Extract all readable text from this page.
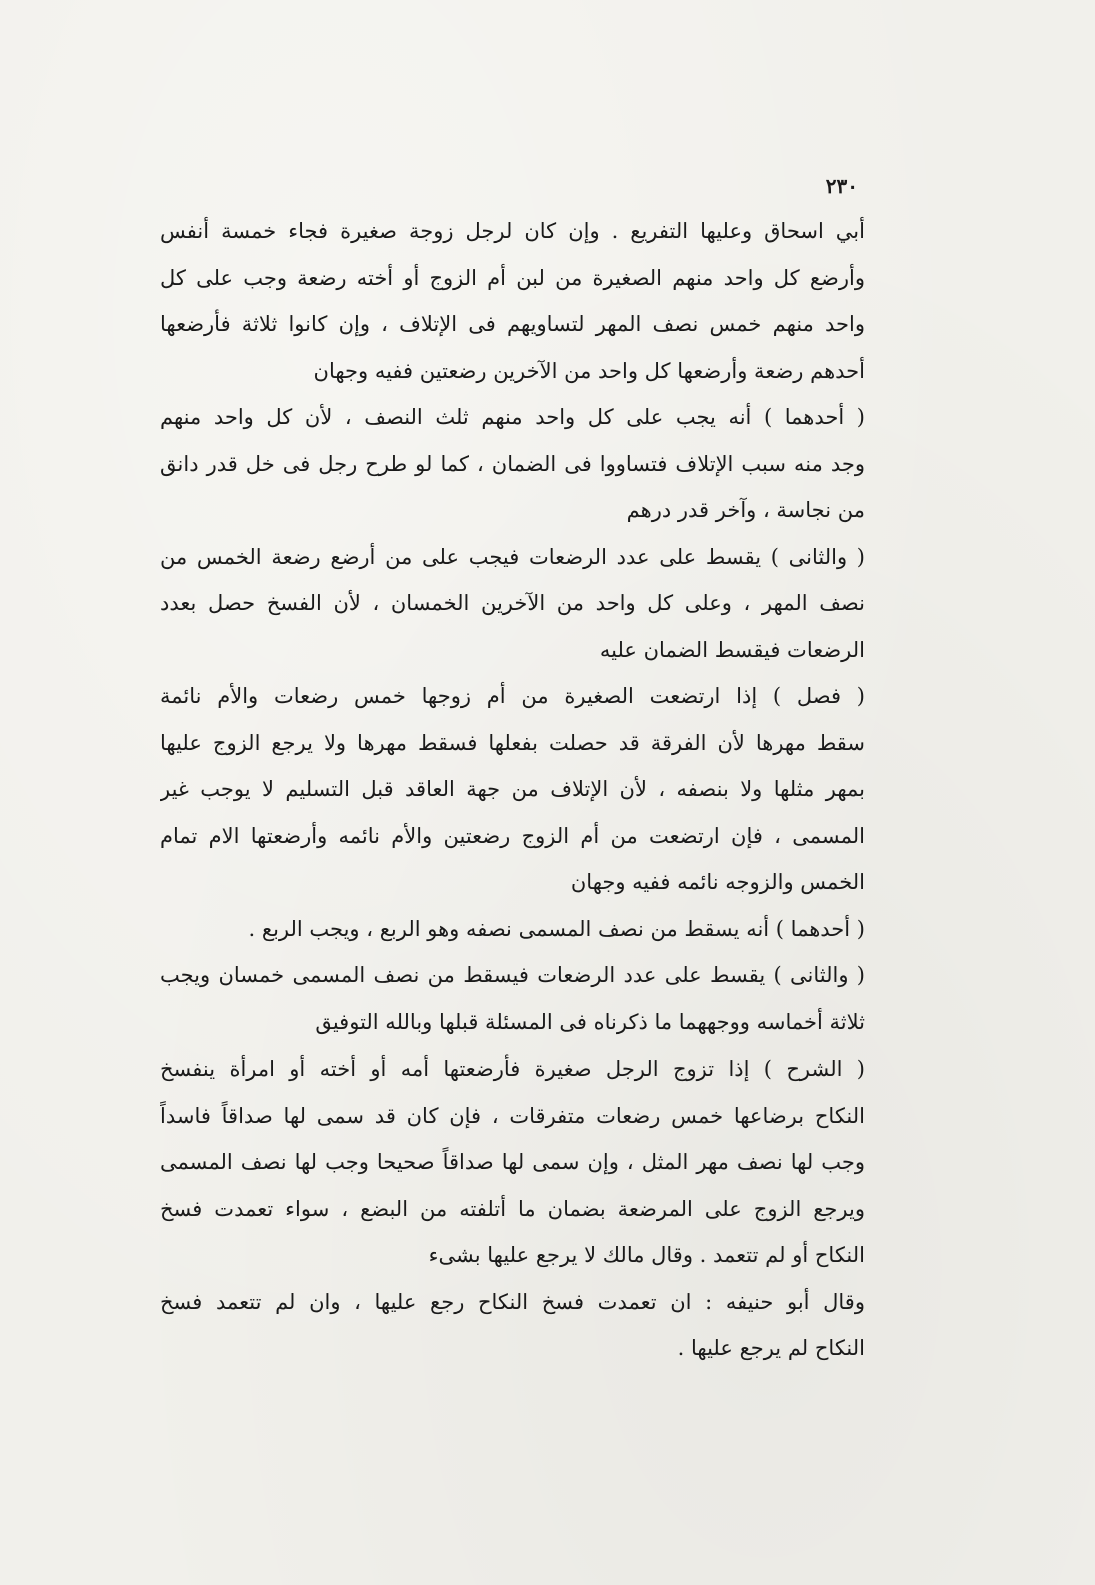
٢٣٠
أبي اسحاق وعليها التفريع . وإن كان لرجل زوجة صغيرة فجاء خمسة أنفس
وأرضع كل واحد منهم الصغيرة من لبن أم الزوج أو أخته رضعة وجب على كل
واحد منهم خمس نصف المهر لتساويهم فى الإتلاف ، وإن كانوا ثلاثة فأرضعها
أحدهم رضعة وأرضعها كل واحد من الآخرين رضعتين ففيه وجهان
( أحدهما ) أنه يجب على كل واحد منهم ثلث النصف ، لأن كل واحد منهم
وجد منه سبب الإتلاف فتساووا فى الضمان ، كما لو طرح رجل فى خل قدر دانق
من نجاسة ، وآخر قدر درهم
( والثانى ) يقسط على عدد الرضعات فيجب على من أرضع رضعة الخمس من
نصف المهر ، وعلى كل واحد من الآخرين الخمسان ، لأن الفسخ حصل بعدد
الرضعات فيقسط الضمان عليه
( فصل ) إذا ارتضعت الصغيرة من أم زوجها خمس رضعات والأم نائمة
سقط مهرها لأن الفرقة قد حصلت بفعلها فسقط مهرها ولا يرجع الزوج عليها
بمهر مثلها ولا بنصفه ، لأن الإتلاف من جهة العاقد قبل التسليم لا يوجب غير
المسمى ، فإن ارتضعت من أم الزوج رضعتين والأم نائمه وأرضعتها الام تمام
الخمس والزوجه نائمه ففيه وجهان
( أحدهما ) أنه يسقط من نصف المسمى نصفه وهو الربع ، ويجب الربع .
( والثانى ) يقسط على عدد الرضعات فيسقط من نصف المسمى خمسان ويجب
ثلاثة أخماسه ووجههما ما ذكرناه فى المسئلة قبلها وبالله التوفيق
( الشرح ) إذا تزوج الرجل صغيرة فأرضعتها أمه أو أخته أو امرأة ينفسخ
النكاح برضاعها خمس رضعات متفرقات ، فإن كان قد سمى لها صداقاً فاسداً
وجب لها نصف مهر المثل ، وإن سمى لها صداقاً صحيحا وجب لها نصف المسمى
ويرجع الزوج على المرضعة بضمان ما أتلفته من البضع ، سواء تعمدت فسخ
النكاح أو لم تتعمد . وقال مالك لا يرجع عليها بشىء
وقال أبو حنيفه : ان تعمدت فسخ النكاح رجع عليها ، وان لم تتعمد فسخ
النكاح لم يرجع عليها .
